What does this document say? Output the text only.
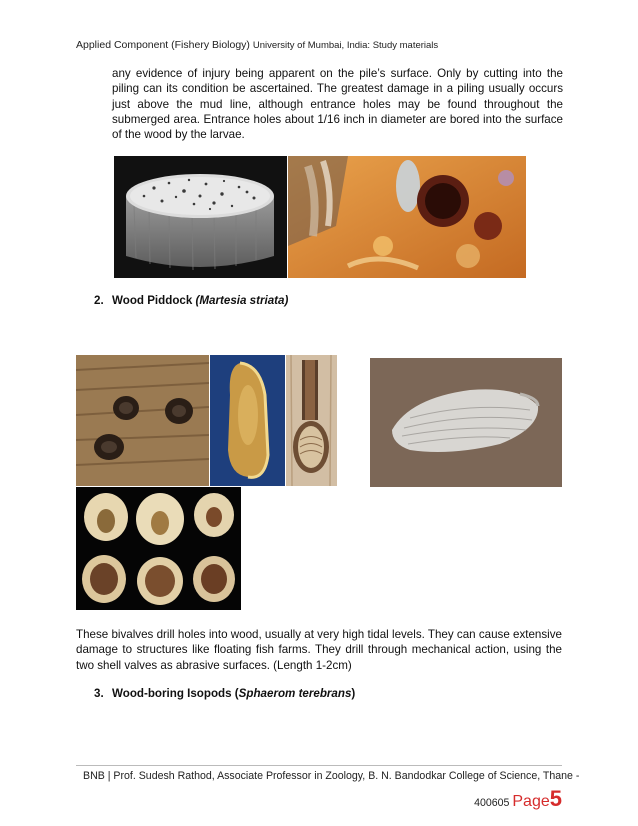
Applied Component (Fishery Biology) University of Mumbai, India: Study materials
any evidence of injury being apparent on the pile’s surface. Only by cutting into the piling can its condition be ascertained. The greatest damage in a piling usually occurs just above the mud line, although entrance holes may be found throughout the submerged area. Entrance holes about 1/16 inch in diameter are bored into the surface of the wood by the larvae.
2. Wood Piddock (Martesia striata)
These bivalves drill holes into wood, usually at very high tidal levels. They can cause extensive damage to structures like floating fish farms. They drill through mechanical action, using the two shell valves as abrasive surfaces. (Length 1-2cm)
3. Wood-boring Isopods (Sphaerom terebrans)
BNB | Prof. Sudesh Rathod, Associate Professor in Zoology, B. N. Bandodkar College of Science, Thane -
400605 Page5
